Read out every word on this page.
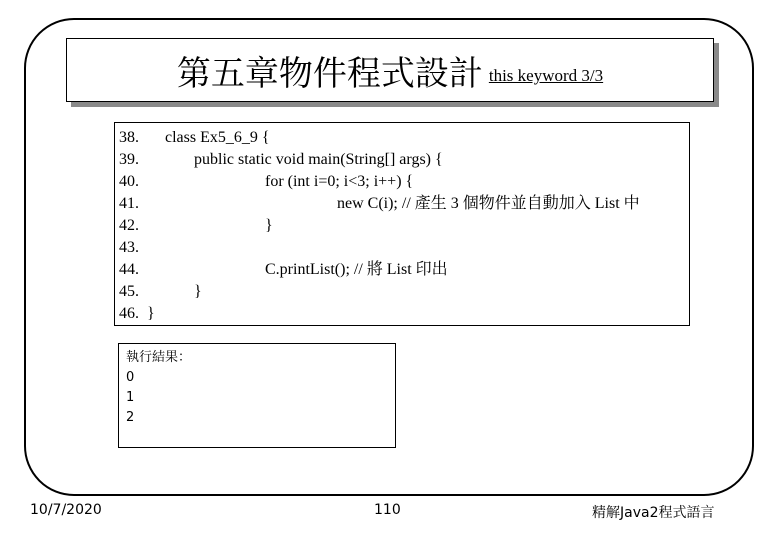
第五章物件程式設計 this keyword 3/3
38. class Ex5_6_9 {
39.	public static void main(String[] args) {
40.	for (int i=0; i<3; i++) {
41.	new C(i); // 產生 3 個物件並自動加入 List 中
42.	}
43.
44.	C.printList(); // 將 List 印出
45.	}
46. }
執行結果：
0
1
2
10/7/2020	110	精解Java2程式語言
